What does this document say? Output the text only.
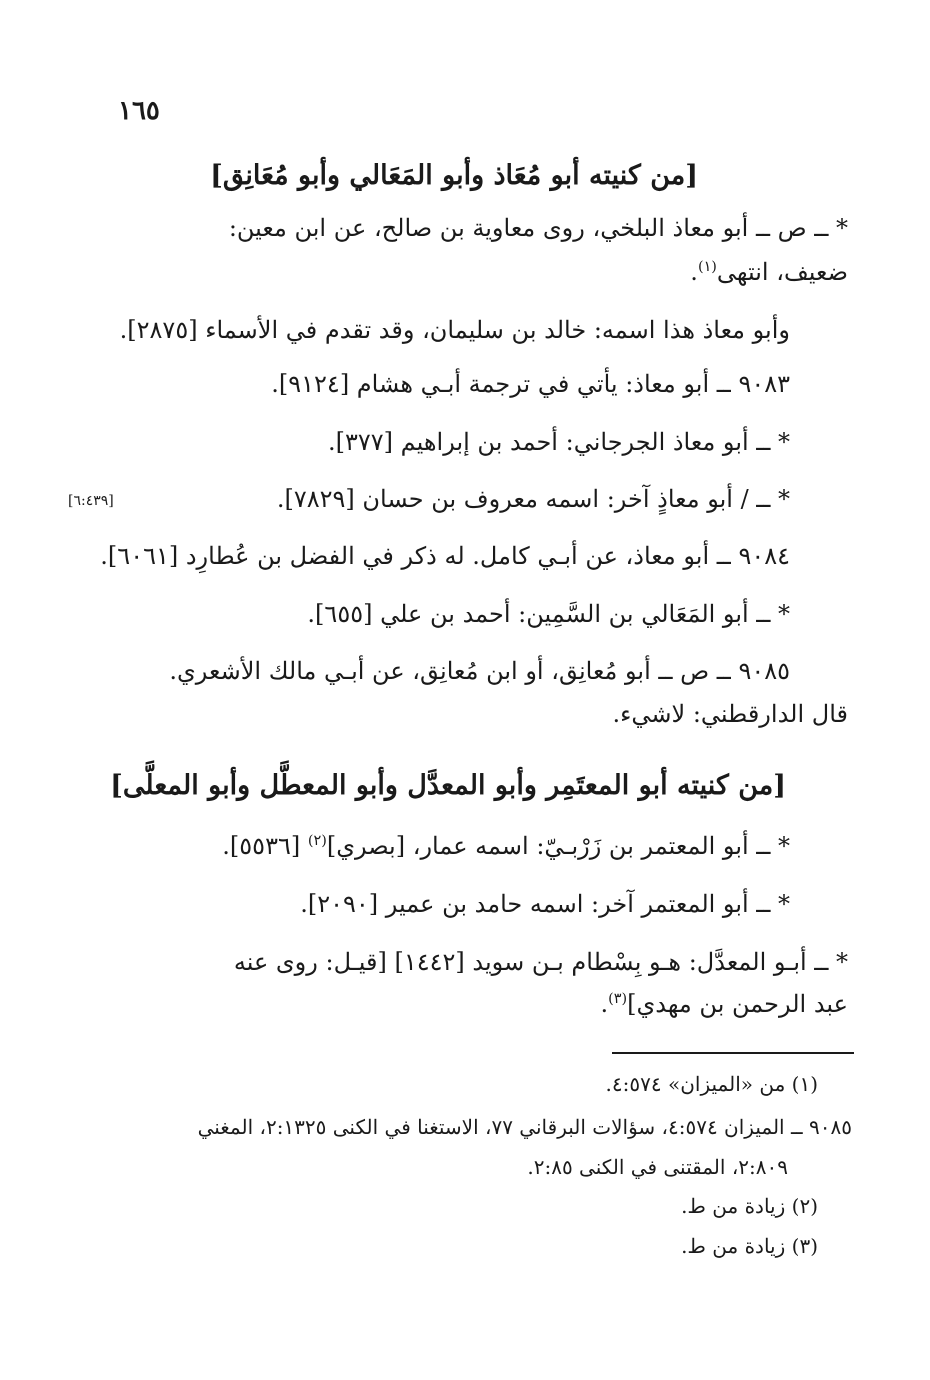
١٦٥
[من كنيته أبو مُعَاذ وأبو المَعَالي وأبو مُعَانِق]
* ــ ص ــ أبو معاذ البلخي، روى معاوية بن صالح، عن ابن معين:
ضعيف، انتهى$^{(١)}$.
وأبو معاذ هذا اسمه: خالد بن سليمان، وقد تقدم في الأسماء [٢٨٧٥].
٩٠٨٣ ــ أبو معاذ: يأتي في ترجمة أبـي هشام [٩١٢٤].
* ــ أبو معاذ الجرجاني: أحمد بن إبراهيم [٣٧٧].
* ــ / أبو معاذٍ آخر: اسمه معروف بن حسان [٧٨٢٩].
[٦:٤٣٩]
٩٠٨٤ ــ أبو معاذ، عن أبـي كامل. له ذكر في الفضل بن عُطارِد [٦٠٦١].
* ــ أبو المَعَالي بن السَّمِين: أحمد بن علي [٦٥٥].
٩٠٨٥ ــ ص ــ أبو مُعانِق، أو ابن مُعانِق، عن أبـي مالك الأشعري.
قال الدارقطني: لاشيء.
[من كنيته أبو المعتَمِر وأبو المعدَّل وأبو المعطَّل وأبو المعلَّى]
* ــ أبو المعتمر بن زَرْبـيّ: اسمه عمار، [بصري]$^{(٢)}$ [٥٥٣٦].
* ــ أبو المعتمر آخر: اسمه حامد بن عمير [٢٠٩٠].
* ــ أبـو المعدَّل: هـو بِسْطام بـن سويد [١٤٤٢] [قيـل: روى عنه
عبد الرحمن بن مهدي]$^{(٣)}$.
(١) من «الميزان» ٤:٥٧٤.
٩٠٨٥ ــ الميزان ٤:٥٧٤، سؤالات البرقاني ٧٧، الاستغنا في الكنى ٢:١٣٢٥، المغني
٢:٨٠٩، المقتنى في الكنى ٢:٨٥.
(٢) زيادة من ط.
(٣) زيادة من ط.
